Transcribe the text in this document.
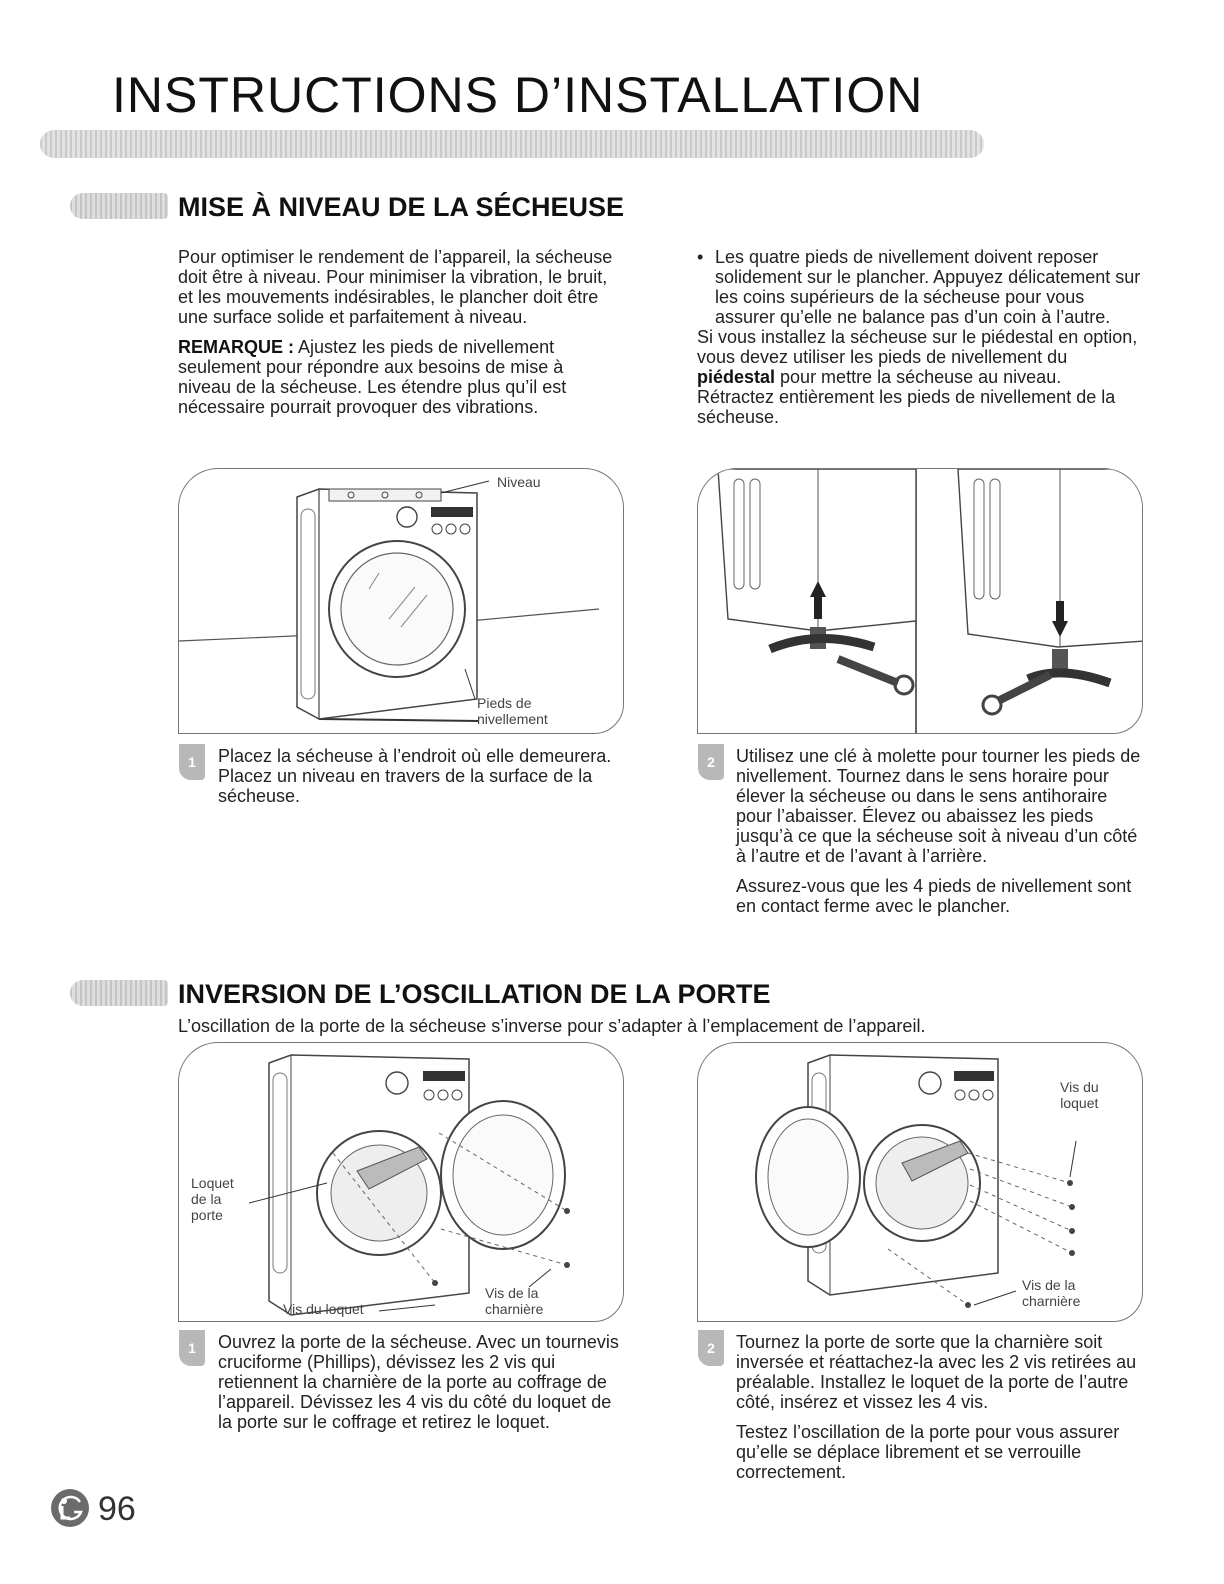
INSTRUCTIONS D’INSTALLATION
MISE À NIVEAU DE LA SÉCHEUSE

Pour optimiser le rendement de l’appareil, la sécheuse doit être à niveau. Pour minimiser la vibration, le bruit, et les mouvements indésirables, le plancher doit être une surface solide et parfaitement à niveau.

REMARQUE : Ajustez les pieds de nivellement seulement pour répondre aux besoins de mise à niveau de la sécheuse. Les étendre plus qu’il est nécessaire pourrait provoquer des vibrations.

• Les quatre pieds de nivellement doivent reposer solidement sur le plancher. Appuyez délicatement sur les coins supérieurs de la sécheuse pour vous assurer qu’elle ne balance pas d’un coin à l’autre.

Si vous installez la sécheuse sur le piédestal en option, vous devez utiliser les pieds de nivellement du piédestal pour mettre la sécheuse au niveau. Rétractez entièrement les pieds de nivellement de la sécheuse.

Niveau
Pieds de
nivellement
1	Placez la sécheuse à l’endroit où elle demeurera. Placez un niveau en travers de la surface de la sécheuse.
2	Utilisez une clé à molette pour tourner les pieds de nivellement. Tournez dans le sens horaire pour élever la sécheuse ou dans le sens antihoraire pour l’abaisser. Élevez ou abaissez les pieds jusqu’à ce que la sécheuse soit à niveau d’un côté à l’autre et de l’avant à l’arrière.

Assurez-vous que les 4 pieds de nivellement sont en contact ferme avec le plancher.

INVERSION DE L’OSCILLATION DE LA PORTE
L’oscillation de la porte de la sécheuse s’inverse pour s’adapter à l’emplacement de l’appareil.
Loquet
de la
porte
Vis du loquet
Vis de la
charnière
Vis du
loquet
Vis de la
charnière
1	Ouvrez la porte de la sécheuse. Avec un tournevis cruciforme (Phillips), dévissez les 2 vis qui retiennent la charnière de la porte au coffrage de l’appareil. Dévissez les 4 vis du côté du loquet de la porte sur le coffrage et retirez le loquet.
2	Tournez la porte de sorte que la charnière soit inversée et réattachez-la avec les 2 vis retirées au préalable. Installez le loquet de la porte de l’autre côté, insérez et vissez les 4 vis.

Testez l’oscillation de la porte pour vous assurer qu’elle se déplace librement et se verrouille correctement.

96
